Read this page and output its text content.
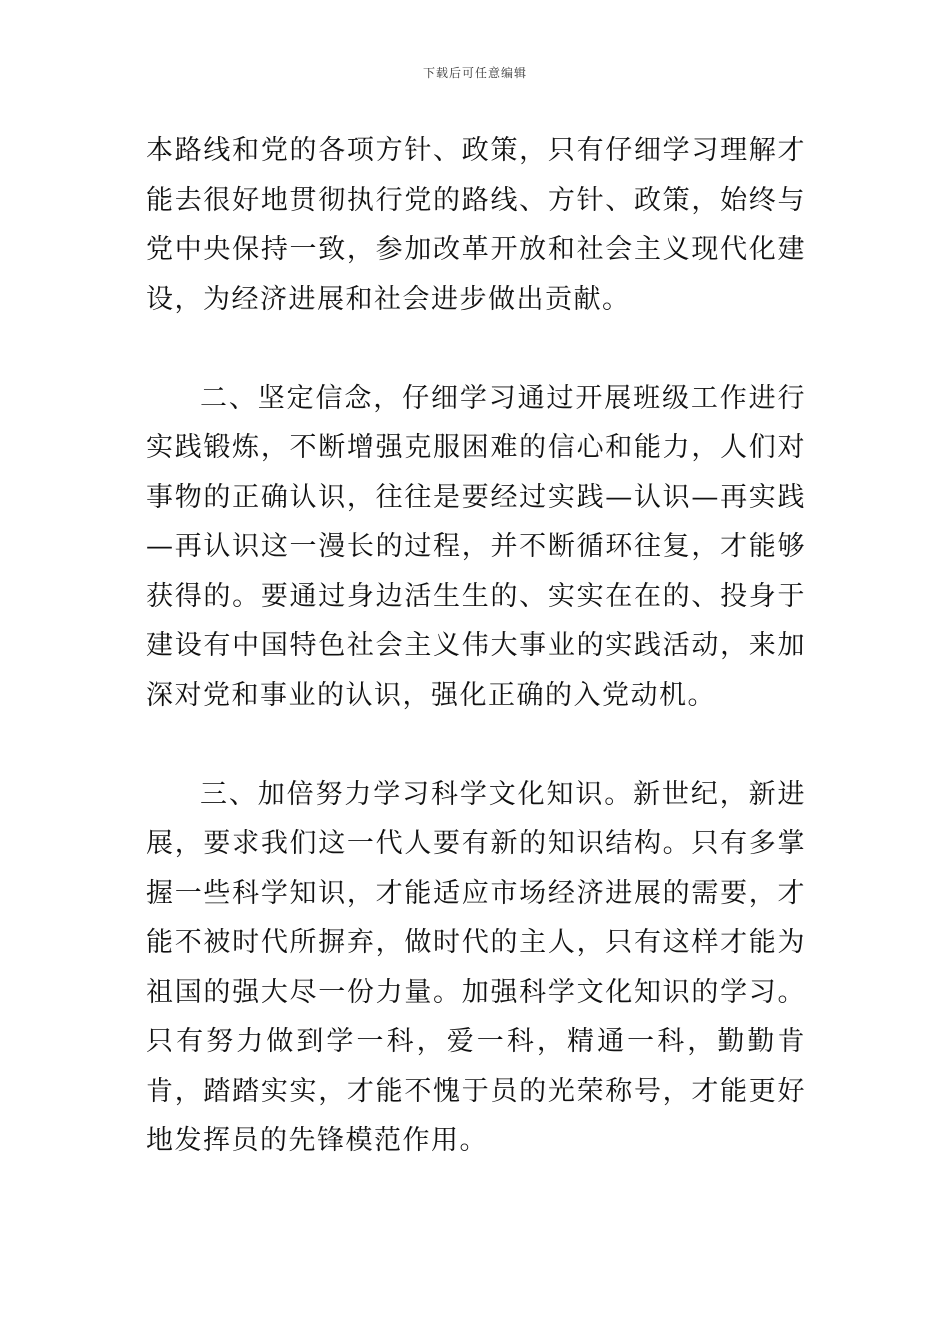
下载后可任意编辑

本路线和党的各项方针、政策，只有仔细学习理解才能去很好地贯彻执行党的路线、方针、政策，始终与党中央保持一致，参加改革开放和社会主义现代化建设，为经济进展和社会进步做出贡献。

二、坚定信念，仔细学习通过开展班级工作进行实践锻炼，不断增强克服困难的信心和能力，人们对事物的正确认识，往往是要经过实践—认识—再实践—再认识这一漫长的过程，并不断循环往复，才能够获得的。要通过身边活生生的、实实在在的、投身于建设有中国特色社会主义伟大事业的实践活动，来加深对党和事业的认识，强化正确的入党动机。

三、加倍努力学习科学文化知识。新世纪，新进展，要求我们这一代人要有新的知识结构。只有多掌握一些科学知识，才能适应市场经济进展的需要，才能不被时代所摒弃，做时代的主人，只有这样才能为祖国的强大尽一份力量。加强科学文化知识的学习。只有努力做到学一科，爱一科，精通一科，勤勤肯肯，踏踏实实，才能不愧于员的光荣称号，才能更好地发挥员的先锋模范作用。
